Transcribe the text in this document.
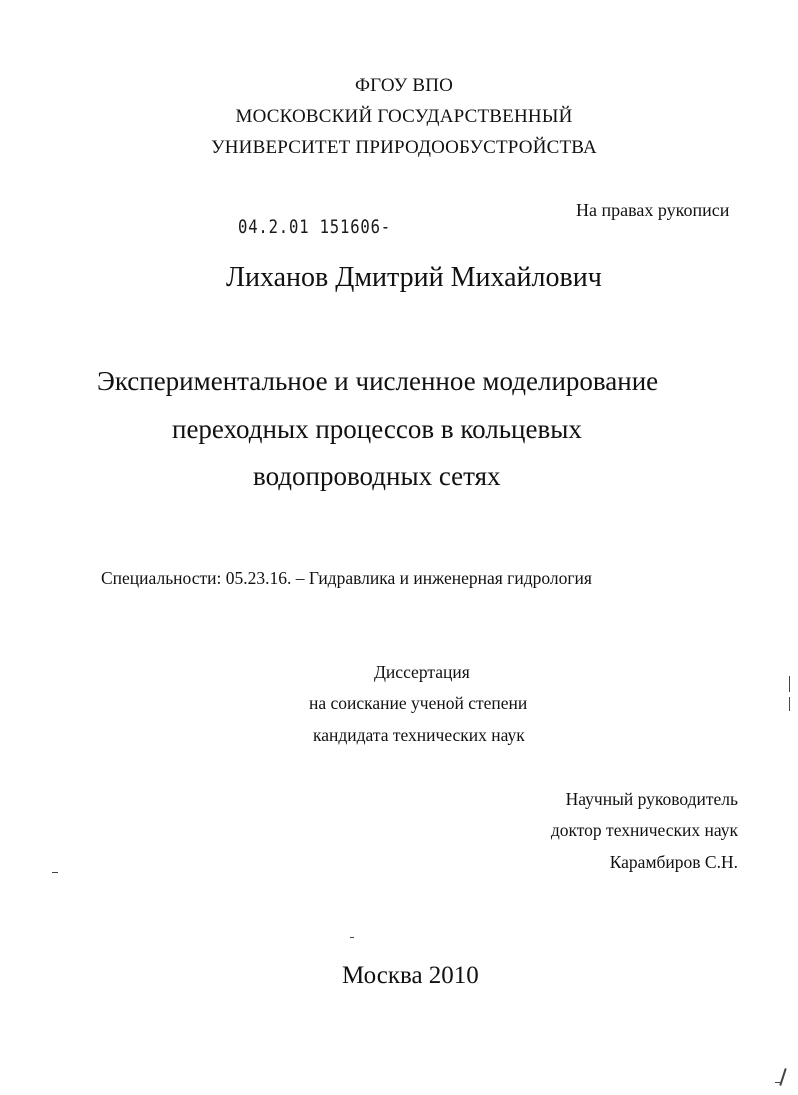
ФГОУ ВПО
МОСКОВСКИЙ ГОСУДАРСТВЕННЫЙ
УНИВЕРСИТЕТ ПРИРОДООБУСТРОЙСТВА
На правах рукописи
04.2.01 151606-
Лиханов Дмитрий Михайлович
Экспериментальное и численное моделирование
переходных процессов в кольцевых
водопроводных сетях
Специальности: 05.23.16. – Гидравлика и инженерная гидрология
Диссертация
на соискание ученой степени
кандидата технических наук
Научный руководитель
доктор технических наук
Карамбиров С.Н.
Москва 2010
